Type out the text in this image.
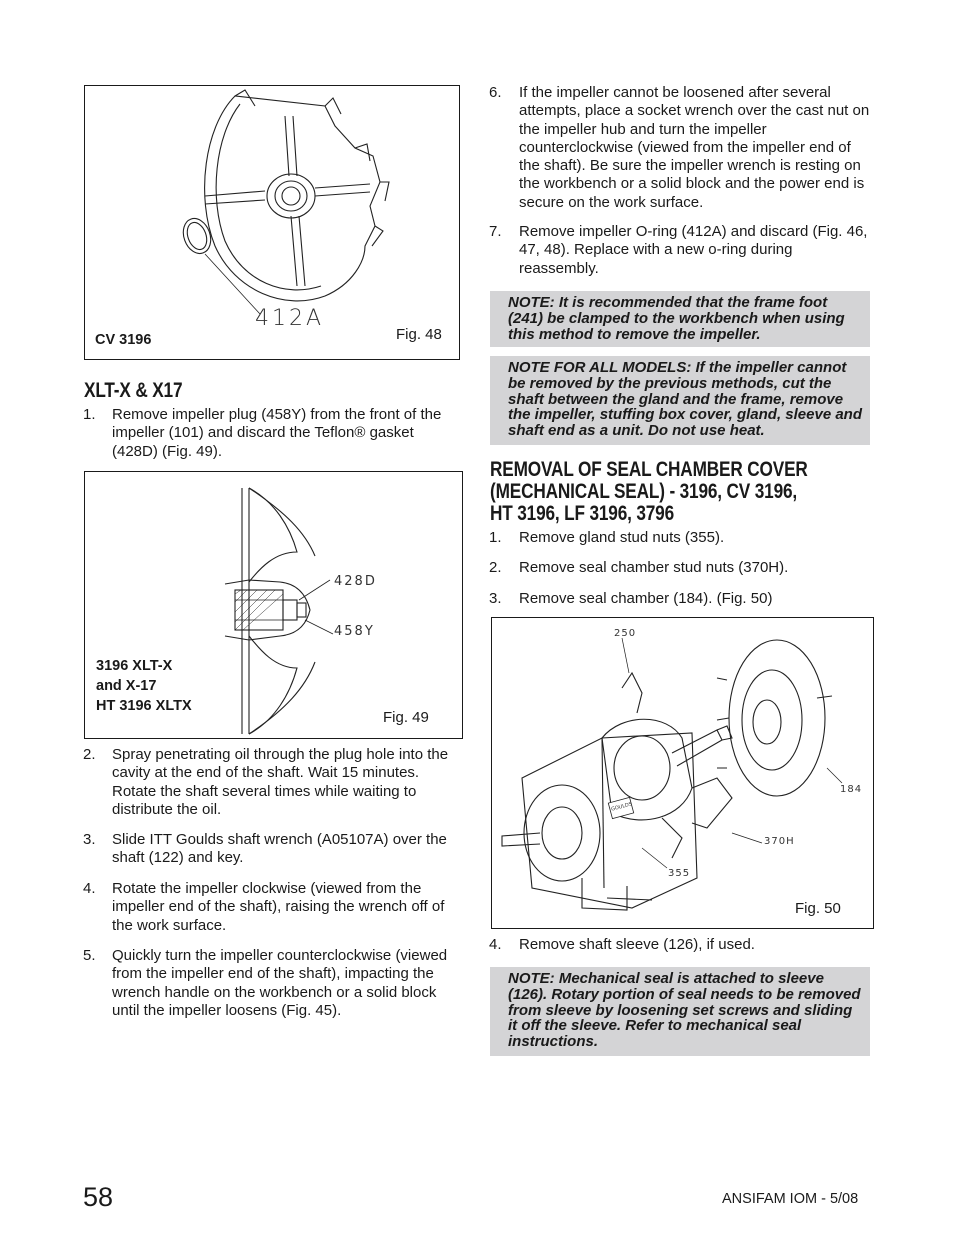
412A
CV 3196	Fig. 48
XLT-X & X17
1. Remove impeller plug (458Y) from the front of the impeller (101) and discard the Teflon® gasket (428D) (Fig. 49).
428D
458Y
3196 XLT-X
and X-17
HT 3196 XLTX
Fig. 49
2. Spray penetrating oil through the plug hole into the cavity at the end of the shaft. Wait 15 minutes. Rotate the shaft several times while waiting to distribute the oil.
3. Slide ITT Goulds shaft wrench (A05107A) over the shaft (122) and key.
4. Rotate the impeller clockwise (viewed from the impeller end of the shaft), raising the wrench off of the work surface.
5. Quickly turn the impeller counterclockwise (viewed from the impeller end of the shaft), impacting the wrench handle on the workbench or a solid block until the impeller loosens (Fig. 45).
6. If the impeller cannot be loosened after several attempts, place a socket wrench over the cast nut on the impeller hub and turn the impeller counterclockwise (viewed from the impeller end of the shaft). Be sure the impeller wrench is resting on the workbench or a solid block and the power end is secure on the work surface.
7. Remove impeller O-ring (412A) and discard (Fig. 46, 47, 48). Replace with a new o-ring during reassembly.
NOTE: It is recommended that the frame foot (241) be clamped to the workbench when using this method to remove the impeller.
NOTE FOR ALL MODELS: If the impeller cannot be removed by the previous methods, cut the shaft between the gland and the frame, remove the impeller, stuffing box cover, gland, sleeve and shaft end as a unit. Do not use heat.
REMOVAL OF SEAL CHAMBER COVER
(MECHANICAL SEAL) - 3196, CV 3196,
HT 3196, LF 3196, 3796
1. Remove gland stud nuts (355).
2. Remove seal chamber stud nuts (370H).
3. Remove seal chamber (184). (Fig. 50)
250
184
370H
355
GOULDS
Fig. 50
4. Remove shaft sleeve (126), if used.
NOTE: Mechanical seal is attached to sleeve (126). Rotary portion of seal needs to be removed from sleeve by loosening set screws and sliding it off the sleeve. Refer to mechanical seal instructions.
58	ANSIFAM IOM - 5/08
